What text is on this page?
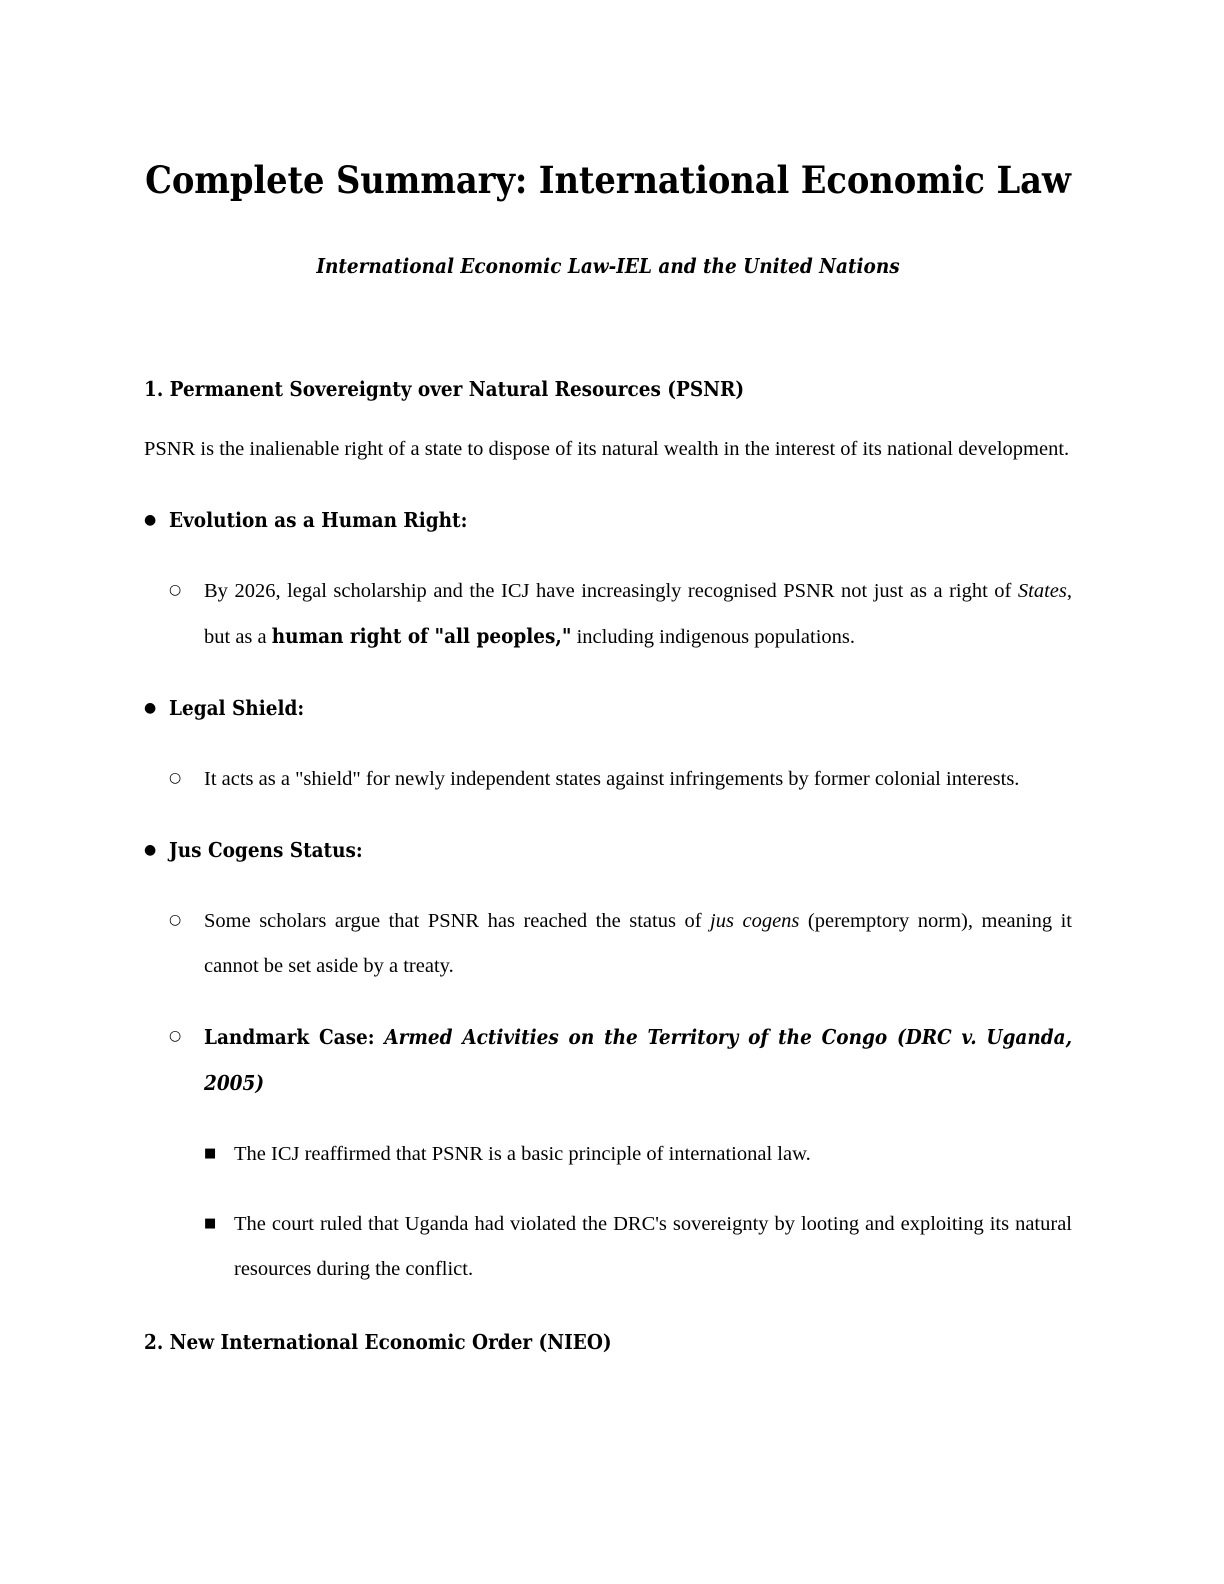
Complete Summary: International Economic Law

International Economic Law-IEL and the United Nations

1. Permanent Sovereignty over Natural Resources (PSNR)

PSNR is the inalienable right of a state to dispose of its natural wealth in the interest of its national development.

● Evolution as a Human Right:
○	By 2026, legal scholarship and the ICJ have increasingly recognised PSNR not just as a right of States, but as a human right of "all peoples," including indigenous populations.
● Legal Shield:
○	It acts as a "shield" for newly independent states against infringements by former colonial interests.
● Jus Cogens Status:
○	Some scholars argue that PSNR has reached the status of jus cogens (peremptory norm), meaning it cannot be set aside by a treaty.
○	Landmark Case: Armed Activities on the Territory of the Congo (DRC v. Uganda, 2005)
■ The ICJ reaffirmed that PSNR is a basic principle of international law.
■ The court ruled that Uganda had violated the DRC's sovereignty by looting and exploiting its natural resources during the conflict.
2. New International Economic Order (NIEO)
